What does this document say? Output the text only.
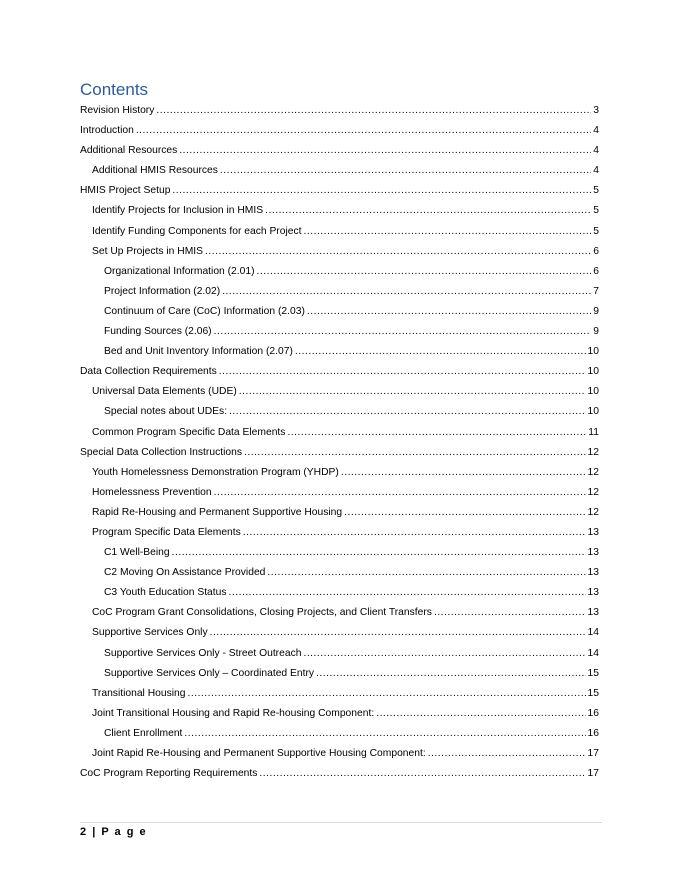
Contents
Revision History .....	3
Introduction .....	4
Additional Resources .....	4
Additional HMIS Resources .....	4
HMIS Project Setup .....	5
Identify Projects for Inclusion in HMIS .....	5
Identify Funding Components for each Project .....	5
Set Up Projects in HMIS .....	6
Organizational Information (2.01) .....	6
Project Information (2.02) .....	7
Continuum of Care (CoC) Information (2.03) .....	9
Funding Sources (2.06) .....	9
Bed and Unit Inventory Information (2.07) .....	10
Data Collection Requirements .....	10
Universal Data Elements (UDE) .....	10
Special notes about UDEs: .....	10
Common Program Specific Data Elements .....	11
Special Data Collection Instructions .....	12
Youth Homelessness Demonstration Program (YHDP) .....	12
Homelessness Prevention .....	12
Rapid Re-Housing and Permanent Supportive Housing .....	12
Program Specific Data Elements .....	13
C1 Well-Being .....	13
C2 Moving On Assistance Provided .....	13
C3 Youth Education Status .....	13
CoC Program Grant Consolidations, Closing Projects, and Client Transfers .....	13
Supportive Services Only .....	14
Supportive Services Only - Street Outreach .....	14
Supportive Services Only – Coordinated Entry .....	15
Transitional Housing .....	15
Joint Transitional Housing and Rapid Re-housing Component: .....	16
Client Enrollment .....	16
Joint Rapid Re-Housing and Permanent Supportive Housing Component: .....	17
CoC Program Reporting Requirements .....	17
2 | P a g e
